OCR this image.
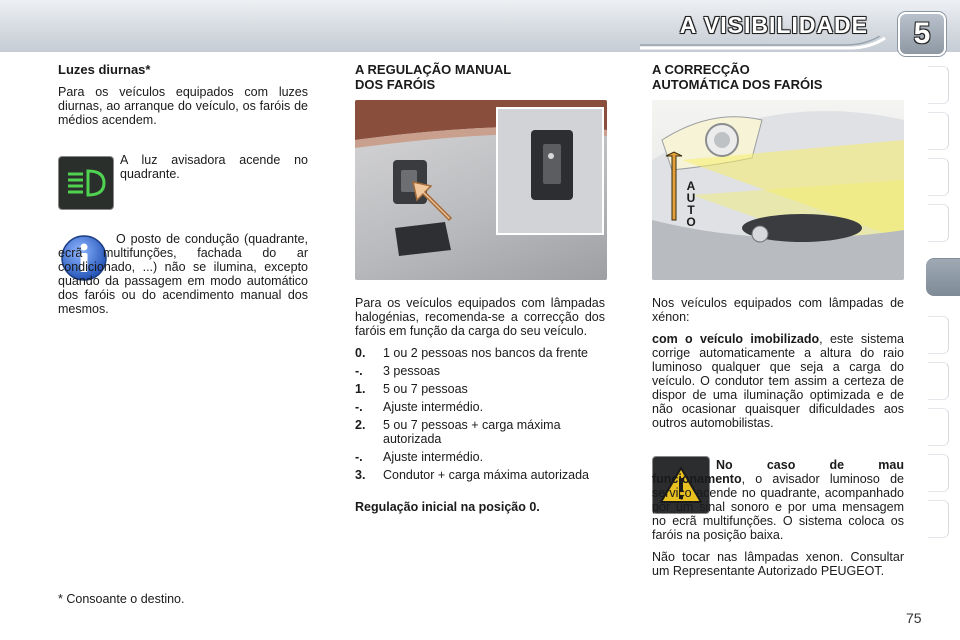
A VISIBILIDADE	5
Luzes diurnas*

Para os veículos equipados com luzes diurnas, ao arranque do veículo, os faróis de médios acendem.

A luz avisadora acende no quadrante.

O posto de condução (quadrante, ecrã multifunções, fachada do ar condicionado, ...) não se ilumina, excepto quando da passagem em modo automático dos faróis ou do acendimento manual dos mesmos.

* Consoante o destino.
A REGULAÇÃO MANUAL
DOS FARÓIS

Para os veículos equipados com lâmpadas halogénias, recomenda-se a correcção dos faróis em função da carga do seu veículo.

0.	1 ou 2 pessoas nos bancos da frente
-.	3 pessoas
1.	5 ou 7 pessoas
-.	Ajuste intermédio.
2.	5 ou 7 pessoas + carga máxima autorizada
-.	Ajuste intermédio.
3.	Condutor + carga máxima autorizada

Regulação inicial na posição 0.

A CORRECÇÃO
AUTOMÁTICA DOS FARÓIS
AUTO

Nos veículos equipados com lâmpadas de xénon:

com o veículo imobilizado, este sistema corrige automaticamente a altura do raio luminoso qualquer que seja a carga do veículo. O condutor tem assim a certeza de dispor de uma iluminação optimizada e de não ocasionar quaisquer dificuldades aos outros automobilistas.

No caso de mau funcionamento, o avisador luminoso de serviço acende no quadrante, acompanhado por um sinal sonoro e por uma mensagem no ecrã multifunções. O sistema coloca os faróis na posição baixa.

Não tocar nas lâmpadas xenon. Consultar um Representante Autorizado PEUGEOT.

75
